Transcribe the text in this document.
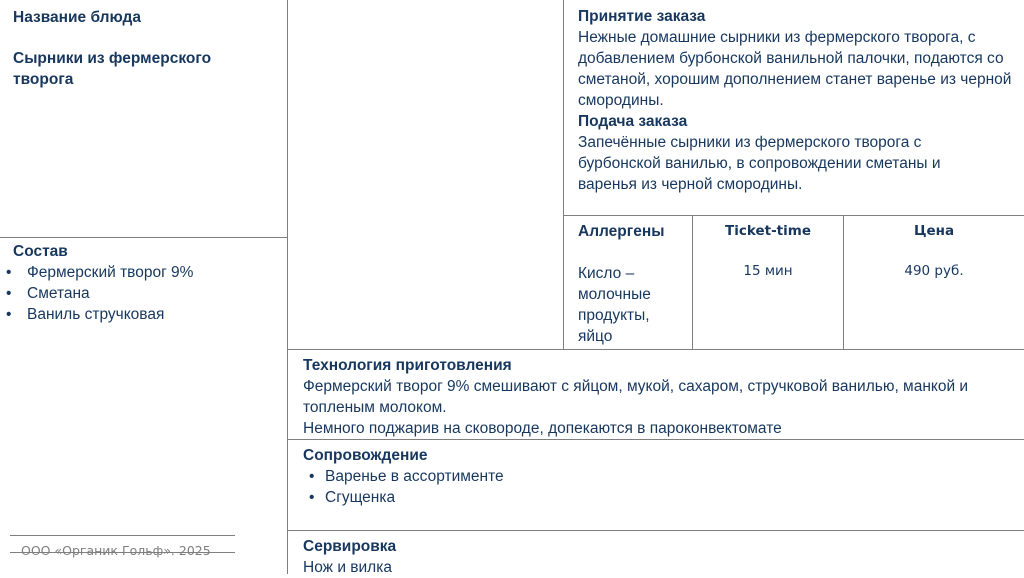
Название блюда
Сырники из фермерского творога
Состав
• Фермерский творог 9%
• Сметана
• Ваниль стручковая
Принятие заказа
Нежные домашние сырники из фермерского творога, с добавлением бурбонской ванильной палочки, подаются со сметаной, хорошим дополнением станет варенье из черной смородины.
Подача заказа
Запечённые сырники из фермерского творога с бурбонской ванилью, в сопровождении сметаны и варенья из черной смородины.
Аллергены
Кисло – молочные продукты, яйцо
Ticket-time
15 мин
Цена
490 руб.
Технология приготовления
Фермерский творог 9% смешивают с яйцом, мукой, сахаром, стручковой ванилью, манкой и топленым молоком.
Немного поджарив на сковороде, допекаются в пароконвектомате
Сопровождение
• Варенье в ассортименте
• Сгущенка
Сервировка
Нож и вилка
ООО «Органик Гольф». 2025
